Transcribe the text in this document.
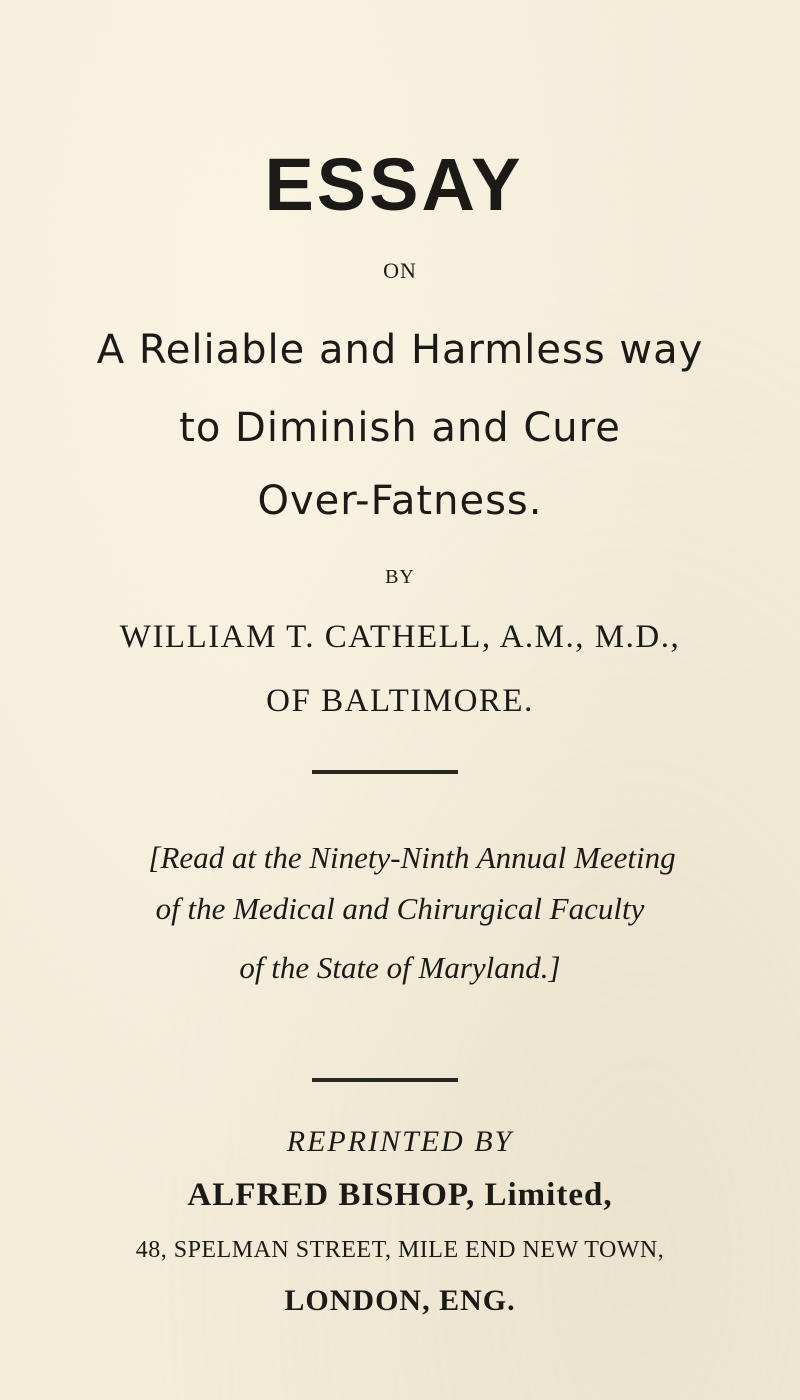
ESSAY
ON
A Reliable and Harmless way
to Diminish and Cure
Over-Fatness.
BY
WILLIAM T. CATHELL, A.M., M.D.,
OF BALTIMORE.
[Read at the Ninety-Ninth Annual Meeting
of the Medical and Chirurgical Faculty
of the State of Maryland.]
REPRINTED BY
ALFRED BISHOP, Limited,
48, SPELMAN STREET, MILE END NEW TOWN,
LONDON, ENG.
